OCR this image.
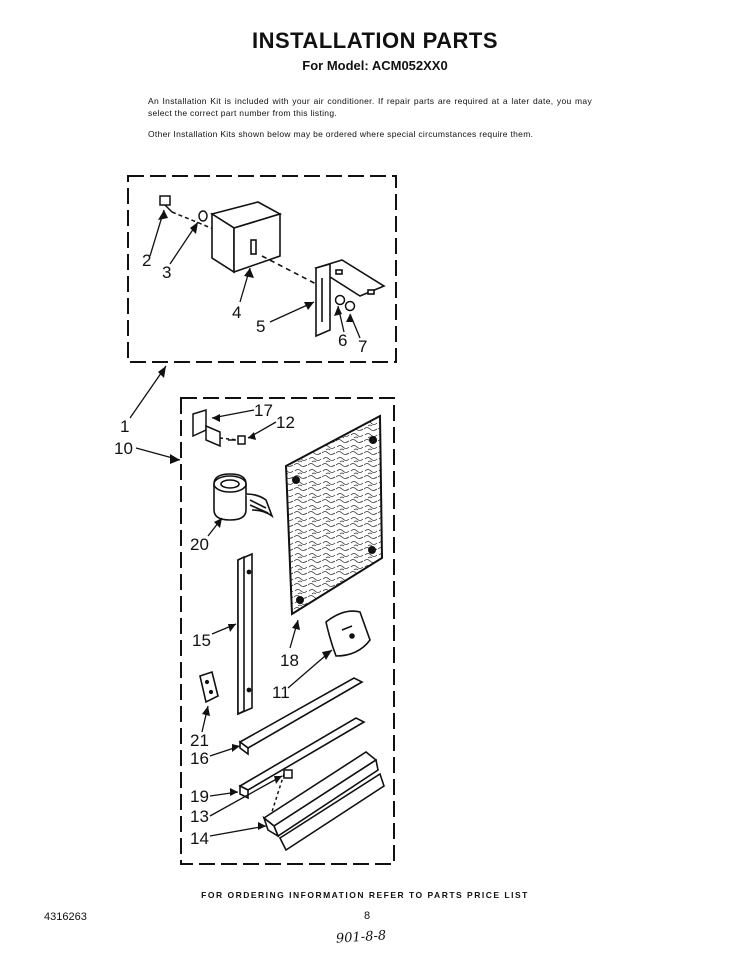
INSTALLATION PARTS
For Model: ACM052XX0
An Installation Kit is included with your air conditioner. If repair parts are required at a later date, you may select the correct part number from this listing.
Other Installation Kits shown below may be ordered where special circumstances require them.
2
3
4
5
6 7
1
10
17
12
20
15
18
11
21
16
19
13
14
FOR ORDERING INFORMATION REFER TO PARTS PRICE LIST
4316263	8
901-8-8
